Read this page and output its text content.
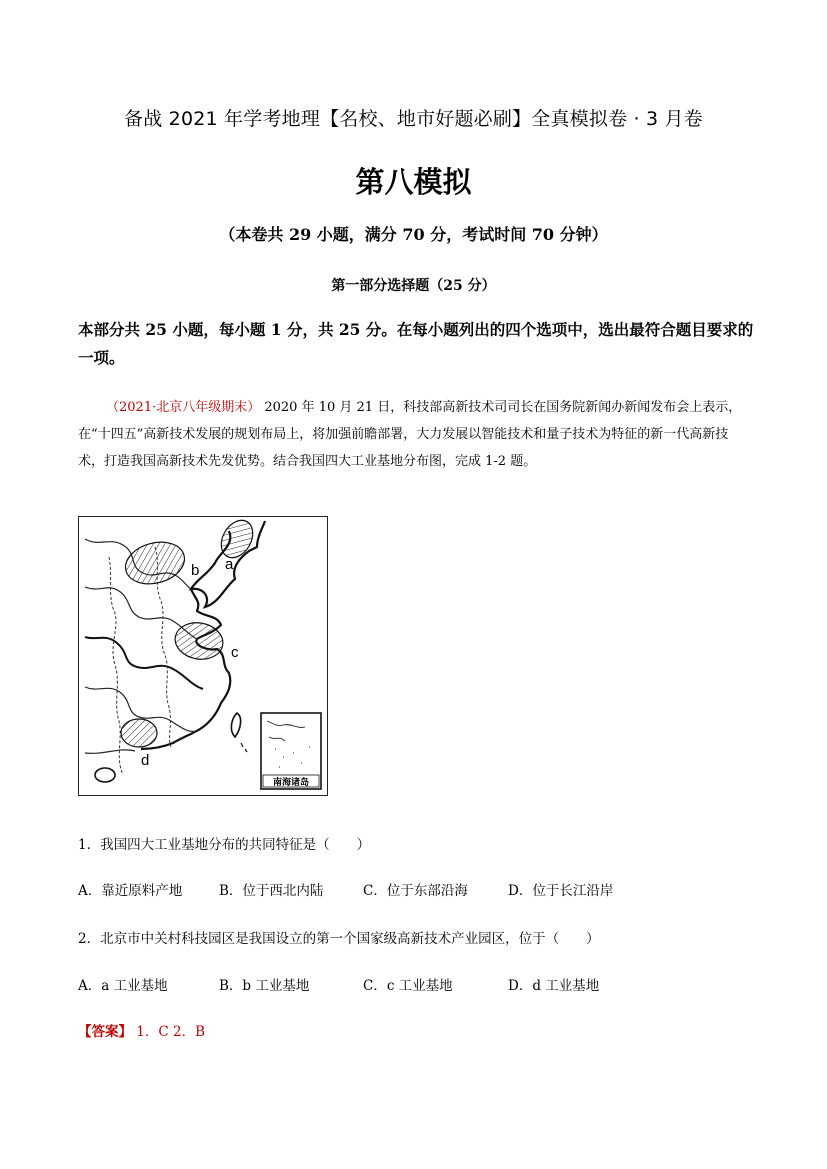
备战 2021 年学考地理【名校、地市好题必刷】全真模拟卷 · 3 月卷
第八模拟
（本卷共 29 小题，满分 70 分，考试时间 70 分钟）
第一部分选择题（25 分）
本部分共 25 小题，每小题 1 分，共 25 分。在每小题列出的四个选项中，选出最符合题目要求的一项。
（2021·北京八年级期末） 2020 年 10 月 21 日，科技部高新技术司司长在国务院新闻办新闻发布会上表示，在“十四五”高新技术发展的规划布局上，将加强前瞻部署，大力发展以智能技术和量子技术为特征的新一代高新技术，打造我国高新技术先发优势。结合我国四大工业基地分布图，完成 1-2 题。
a
b
c
d
南海诸岛
1．我国四大工业基地分布的共同特征是（　　）
A．靠近原料产地	B．位于西北内陆	C．位于东部沿海	D．位于长江沿岸
2．北京市中关村科技园区是我国设立的第一个国家级高新技术产业园区，位于（　　）
A．a 工业基地	B．b 工业基地	C．c 工业基地	D．d 工业基地
【答案】 1．C 2．B
